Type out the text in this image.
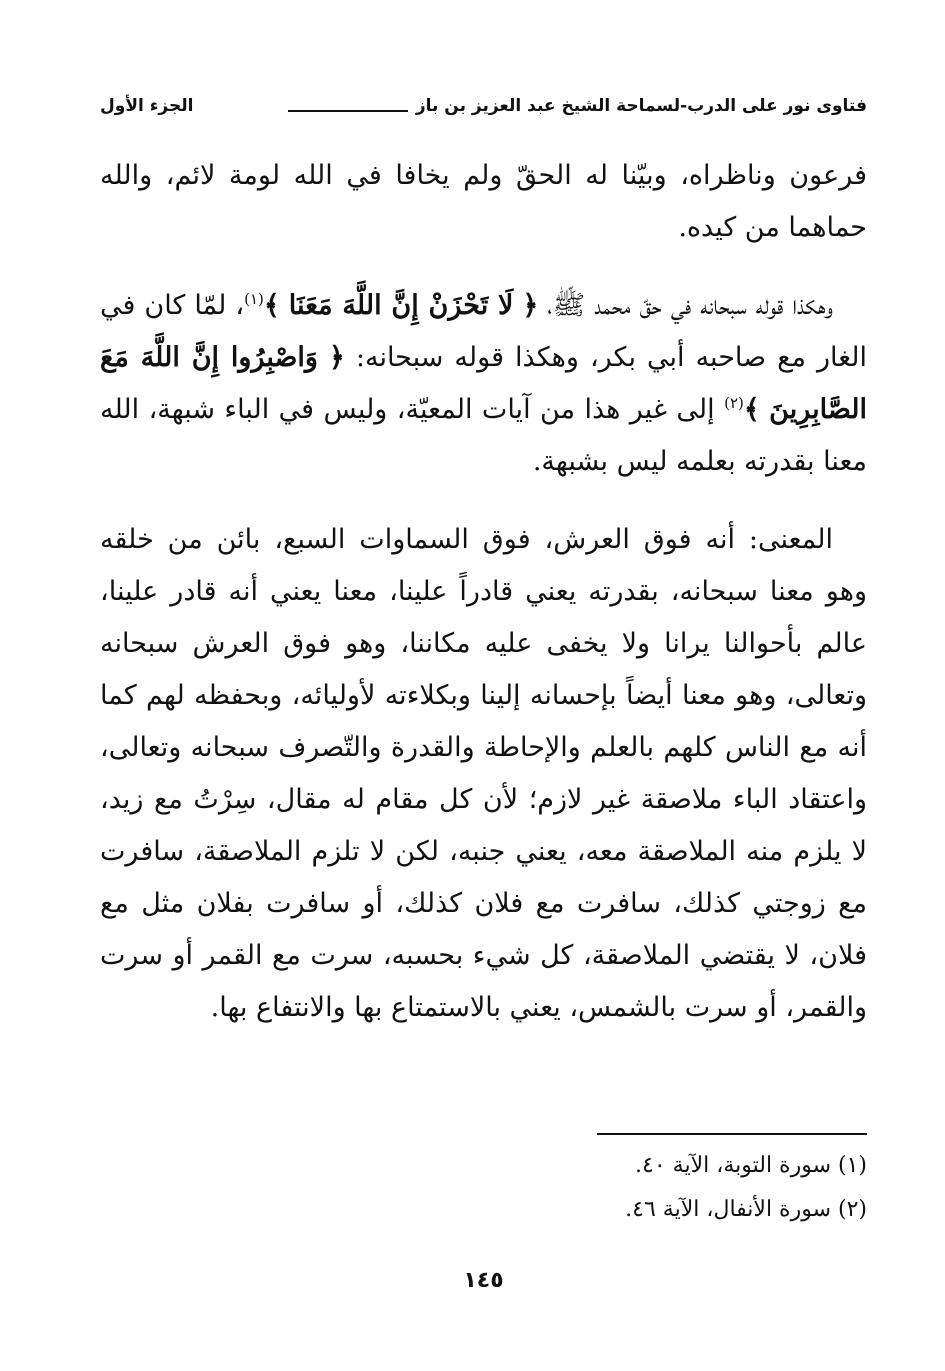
فتاوى نور على الدرب
-
لسماحة الشيخ عبد العزيز بن باز
الجزء الأول

فرعون وناظراه، وبيّنا له الحقّ ولم يخافا في الله لومة لائم، والله حماهما من كيده.

وهكذا قوله سبحانه في حقّ محمد ﷺ، ﴿ لَا تَحْزَنْ إِنَّ اللَّهَ مَعَنَا ﴾$^{(١)}$، لمّا كان في الغار مع صاحبه أبي بكر، وهكذا قوله سبحانه: ﴿ وَاصْبِرُوا إِنَّ اللَّهَ مَعَ الصَّابِرِينَ ﴾$^{(٢)}$ إلى غير هذا من آيات المعيّة، وليس في الباء شبهة، الله معنا بقدرته بعلمه ليس بشبهة.

المعنى: أنه فوق العرش، فوق السماوات السبع، بائن من خلقه وهو معنا سبحانه، بقدرته يعني قادراً علينا، معنا يعني أنه قادر علينا، عالم بأحوالنا يرانا ولا يخفى عليه مكاننا، وهو فوق العرش سبحانه وتعالى، وهو معنا أيضاً بإحسانه إلينا وبكلاءته لأوليائه، وبحفظه لهم كما أنه مع الناس كلهم بالعلم والإحاطة والقدرة والتّصرف سبحانه وتعالى، واعتقاد الباء ملاصقة غير لازم؛ لأن كل مقام له مقال، سِرْتُ مع زيد، لا يلزم منه الملاصقة معه، يعني جنبه، لكن لا تلزم الملاصقة، سافرت مع زوجتي كذلك، سافرت مع فلان كذلك، أو سافرت بفلان مثل مع فلان، لا يقتضي الملاصقة، كل شيء بحسبه، سرت مع القمر أو سرت والقمر، أو سرت بالشمس، يعني بالاستمتاع بها والانتفاع بها.

(١) سورة التوبة، الآية ٤٠.

(٢) سورة الأنفال، الآية ٤٦.

١٤٥
